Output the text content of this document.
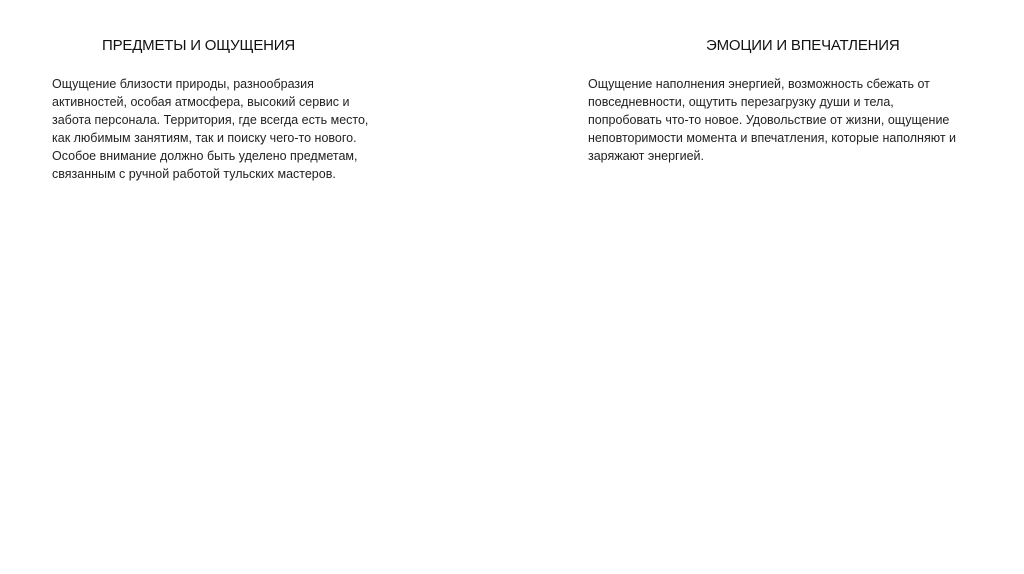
ПРЕДМЕТЫ И ОЩУЩЕНИЯ	ЭМОЦИИ И ВПЕЧАТЛЕНИЯ
Ощущение близости природы, разнообразия
активностей, особая атмосфера, высокий сервис и
забота персонала. Территория, где всегда есть место,
как любимым занятиям, так и поиску чего-то нового.
Особое внимание должно быть уделено предметам,
связанным с ручной работой тульских мастеров.
Ощущение наполнения энергией, возможность сбежать от
повседневности, ощутить перезагрузку души и тела,
попробовать что-то новое. Удовольствие от жизни, ощущение
неповторимости момента и впечатления, которые наполняют и
заряжают энергией.
